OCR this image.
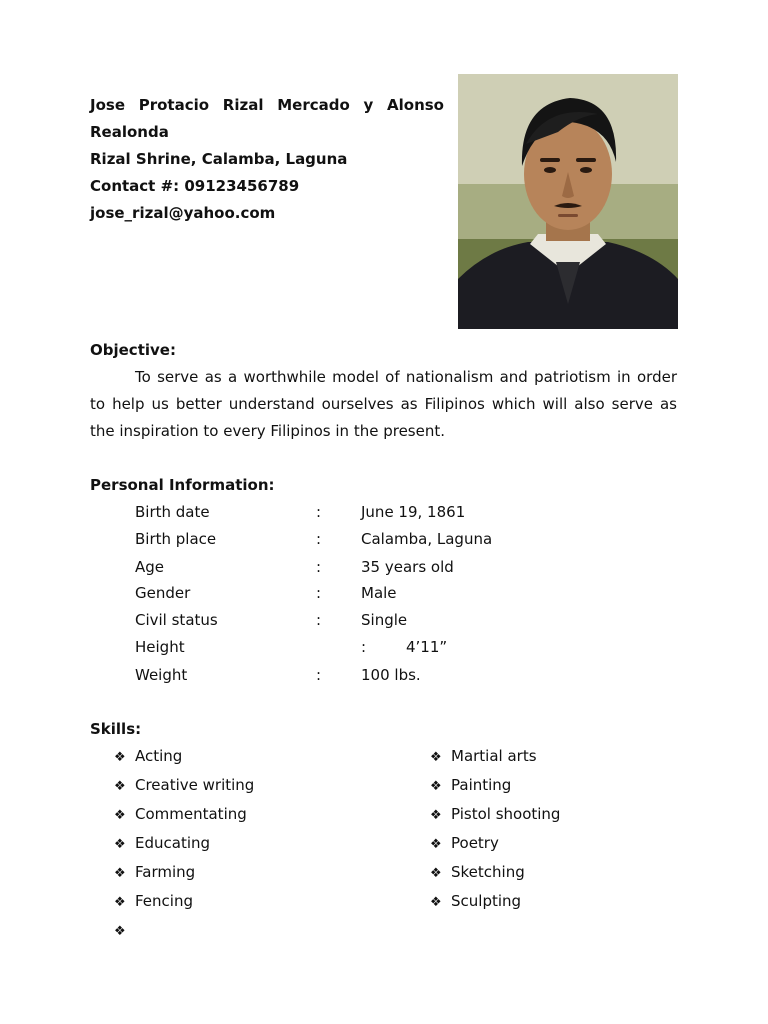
Jose Protacio Rizal Mercado y Alonso
Realonda
Rizal Shrine, Calamba, Laguna
Contact #: 09123456789
jose_rizal@yahoo.com
Objective:
To serve as a worthwhile model of nationalism and patriotism in order
to help us better understand ourselves as Filipinos which will also serve as
the inspiration to every Filipinos in the present.
Personal Information:
Birth date	:	June 19, 1861
Birth place	:	Calamba, Laguna
Age	:	35 years old
Gender	:	Male
Civil status	:	Single
Height	:	4’11”
Weight	:	100 lbs.
Skills:
❖ Acting
❖ Creative writing
❖ Commentating
❖ Educating
❖ Farming
❖ Fencing
❖
❖ Martial arts
❖ Painting
❖ Pistol shooting
❖ Poetry
❖ Sketching
❖ Sculpting
